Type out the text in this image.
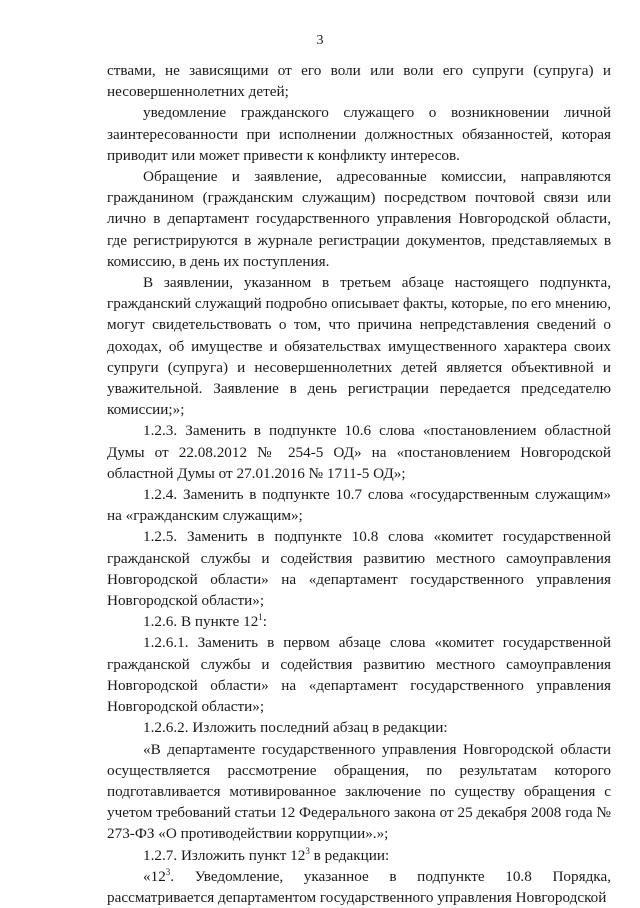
3

ствами, не зависящими от его воли или воли его супруги (супруга) и несовершеннолетних детей;

уведомление гражданского служащего о возникновении личной заинтересованности при исполнении должностных обязанностей, которая приводит или может привести к конфликту интересов.

Обращение и заявление, адресованные комиссии, направляются гражданином (гражданским служащим) посредством почтовой связи или лично в департамент государственного управления Новгородской области, где регистрируются в журнале регистрации документов, представляемых в комиссию, в день их поступления.

В заявлении, указанном в третьем абзаце настоящего подпункта, гражданский служащий подробно описывает факты, которые, по его мнению, могут свидетельствовать о том, что причина непредставления сведений о доходах, об имуществе и обязательствах имущественного характера своих супруги (супруга) и несовершеннолетних детей является объективной и уважительной. Заявление в день регистрации передается председателю комиссии;»;

1.2.3. Заменить в подпункте 10.6 слова «постановлением областной Думы от 22.08.2012 № 254-5 ОД» на «постановлением Новгородской областной Думы от 27.01.2016 № 1711-5 ОД»;

1.2.4. Заменить в подпункте 10.7 слова «государственным служащим» на «гражданским служащим»;

1.2.5. Заменить в подпункте 10.8 слова «комитет государственной гражданской службы и содействия развитию местного самоуправления Новгородской области» на «департамент государственного управления Новгородской области»;

1.2.6. В пункте $12^1$:

1.2.6.1. Заменить в первом абзаце слова «комитет государственной гражданской службы и содействия развитию местного самоуправления Новгородской области» на «департамент государственного управления Новгородской области»;

1.2.6.2. Изложить последний абзац в редакции:

«В департаменте государственного управления Новгородской области осуществляется рассмотрение обращения, по результатам которого подготавливается мотивированное заключение по существу обращения с учетом требований статьи 12 Федерального закона от 25 декабря 2008 года № 273-ФЗ «О противодействии коррупции».»;

1.2.7. Изложить пункт $12^3$ в редакции:

«$12^3$. Уведомление, указанное в подпункте 10.8 Порядка, рассматривается департаментом государственного управления Новгородской
